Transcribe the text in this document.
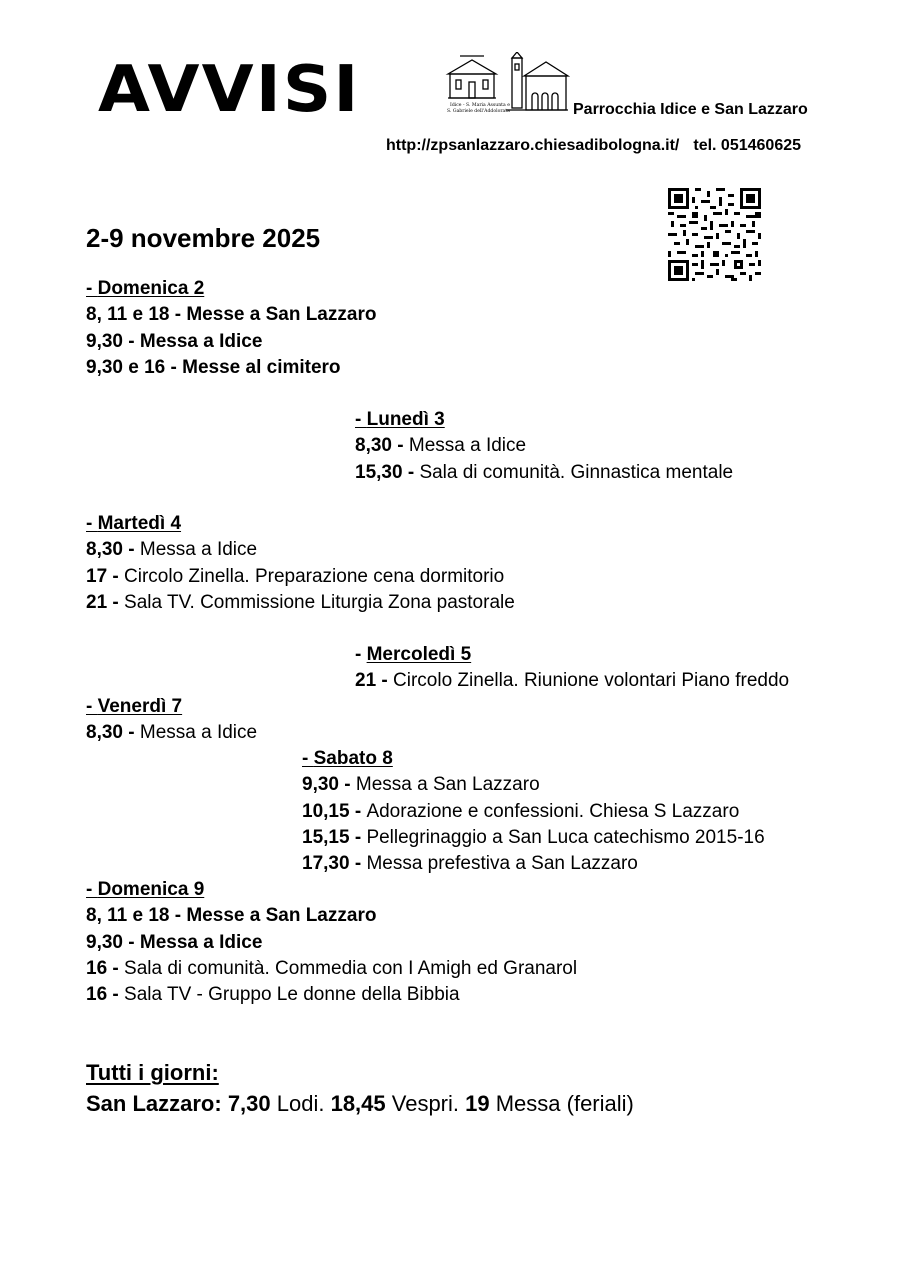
AVVISI	Idice - S. Maria Assunta e
S. Gabriele dell'Addolorata	Parrocchia Idice e San Lazzaro
http://zpsanlazzaro.chiesadibologna.it/ tel. 051460625
2-9 novembre 2025
- Domenica 2
8, 11 e 18 - Messe a San Lazzaro
9,30 - Messa a Idice
9,30 e 16 - Messe al cimitero
- Lunedì 3
8,30 - Messa a Idice
15,30 - Sala di comunità. Ginnastica mentale
- Martedì 4
8,30 - Messa a Idice
17 - Circolo Zinella. Preparazione cena dormitorio
21 - Sala TV. Commissione Liturgia Zona pastorale
- Mercoledì 5
21 - Circolo Zinella. Riunione volontari Piano freddo
- Venerdì 7
8,30 - Messa a Idice
- Sabato 8
9,30 - Messa a San Lazzaro
10,15 - Adorazione e confessioni. Chiesa S Lazzaro
15,15 - Pellegrinaggio a San Luca catechismo 2015-16
17,30 - Messa prefestiva a San Lazzaro
- Domenica 9
8, 11 e 18 - Messe a San Lazzaro
9,30 - Messa a Idice
16 - Sala di comunità. Commedia con I Amigh ed Granarol
16 - Sala TV - Gruppo Le donne della Bibbia
Tutti i giorni:
San Lazzaro: 7,30 Lodi. 18,45 Vespri. 19 Messa (feriali)
